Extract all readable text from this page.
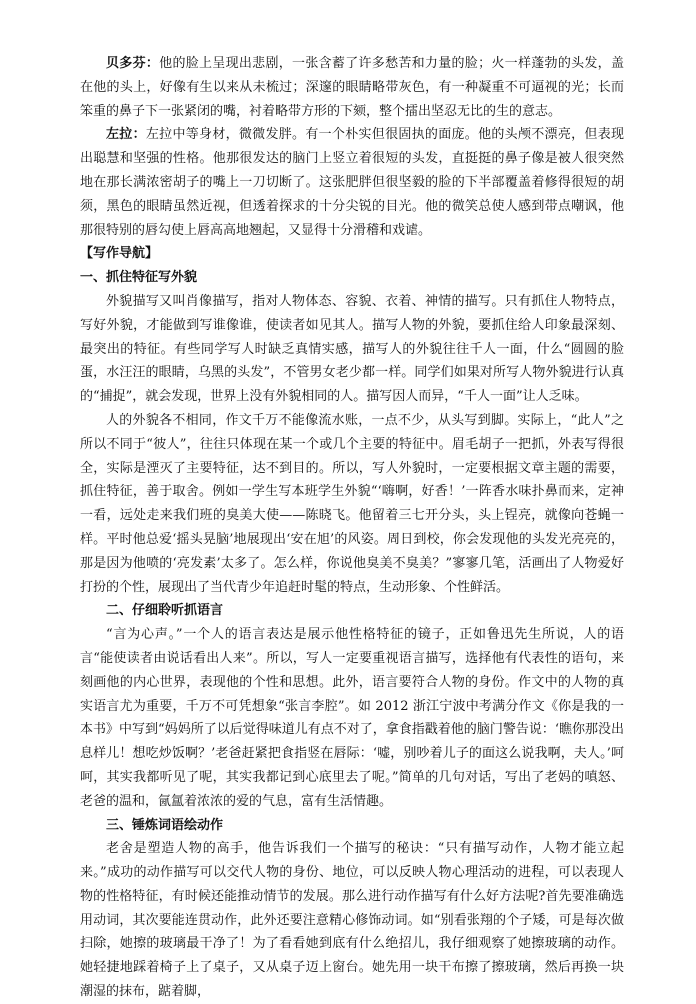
贝多芬：他的脸上呈现出悲剧，一张含蓄了许多愁苦和力量的脸；火一样蓬勃的头发，盖在他的头上，好像有生以来从未梳过；深邃的眼睛略带灰色，有一种凝重不可逼视的光；长而笨重的鼻子下一张紧闭的嘴，衬着略带方形的下颏，整个擂出坚忍无比的生的意志。

左拉：左拉中等身材，微微发胖。有一个朴实但很固执的面庞。他的头颅不漂亮，但表现出聪慧和坚强的性格。他那很发达的脑门上竖立着很短的头发，直挺挺的鼻子像是被人很突然地在那长满浓密胡子的嘴上一刀切断了。这张肥胖但很坚毅的脸的下半部覆盖着修得很短的胡须，黑色的眼睛虽然近视，但透着探求的十分尖锐的目光。他的微笑总使人感到带点嘲讽，他那很特别的唇勾使上唇高高地翘起，又显得十分滑稽和戏谑。

【写作导航】

一、抓住特征写外貌

外貌描写又叫肖像描写，指对人物体态、容貌、衣着、神情的描写。只有抓住人物特点，写好外貌，才能做到写谁像谁，使读者如见其人。描写人物的外貌，要抓住给人印象最深刻、最突出的特征。有些同学写人时缺乏真情实感，描写人的外貌往往千人一面，什么“圆圆的脸蛋，水汪汪的眼睛，乌黑的头发”，不管男女老少都一样。同学们如果对所写人物外貌进行认真的“捕捉”，就会发现，世界上没有外貌相同的人。描写因人而异，“千人一面”让人乏味。

人的外貌各不相同，作文千万不能像流水账，一点不少，从头写到脚。实际上，“此人”之所以不同于“彼人”，往往只体现在某一个或几个主要的特征中。眉毛胡子一把抓，外表写得很全，实际是湮灭了主要特征，达不到目的。所以，写人外貌时，一定要根据文章主题的需要，抓住特征，善于取舍。例如一学生写本班学生外貌“‘嗨啊，好香！’一阵香水味扑鼻而来，定神一看，远处走来我们班的臭美大使——陈晓飞。他留着三七开分头，头上锃亮，就像向苍蝇一样。平时他总爱‘摇头晃脑’地展现出‘安在旭’的风姿。周日到校，你会发现他的头发光亮亮的，那是因为他喷的‘亮发素’太多了。怎么样，你说他臭美不臭美？”寥寥几笔，活画出了人物爱好打扮的个性，展现出了当代青少年追赶时髦的特点，生动形象、个性鲜活。

二、仔细聆听抓语言

“言为心声。”一个人的语言表达是展示他性格特征的镜子，正如鲁迅先生所说，人的语言“能使读者由说话看出人来”。所以，写人一定要重视语言描写，选择他有代表性的语句，来刻画他的内心世界，表现他的个性和思想。此外，语言要符合人物的身份。作文中的人物的真实语言尤为重要，千万不可凭想象“张言李腔”。如 2012 浙江宁波中考满分作文《你是我的一本书》中写到“妈妈所了以后觉得味道儿有点不对了，拿食指戳着他的脑门警告说：‘瞧你那没出息样儿！想吃炒饭啊？’老爸赶紧把食指竖在唇际：‘嘘，别吵着儿子的面这么说我啊，夫人。’呵呵，其实我都听见了呢，其实我都记到心底里去了呢。”简单的几句对话，写出了老妈的嗔怒、老爸的温和，氤氲着浓浓的爱的气息，富有生活情趣。

三、锤炼词语绘动作

老舍是塑造人物的高手，他告诉我们一个描写的秘诀：“只有描写动作，人物才能立起来。”成功的动作描写可以交代人物的身份、地位，可以反映人物心理活动的进程，可以表现人物的性格特征，有时候还能推动情节的发展。那么进行动作描写有什么好方法呢?首先要准确选用动词，其次要能连贯动作，此外还要注意精心修饰动词。如“别看张翔的个子矮，可是每次做扫除，她擦的玻璃最干净了！为了看看她到底有什么绝招儿，我仔细观察了她擦玻璃的动作。她轻捷地踩着椅子上了桌子，又从桌子迈上窗台。她先用一块干布擦了擦玻璃，然后再换一块潮湿的抹布，踮着脚，
